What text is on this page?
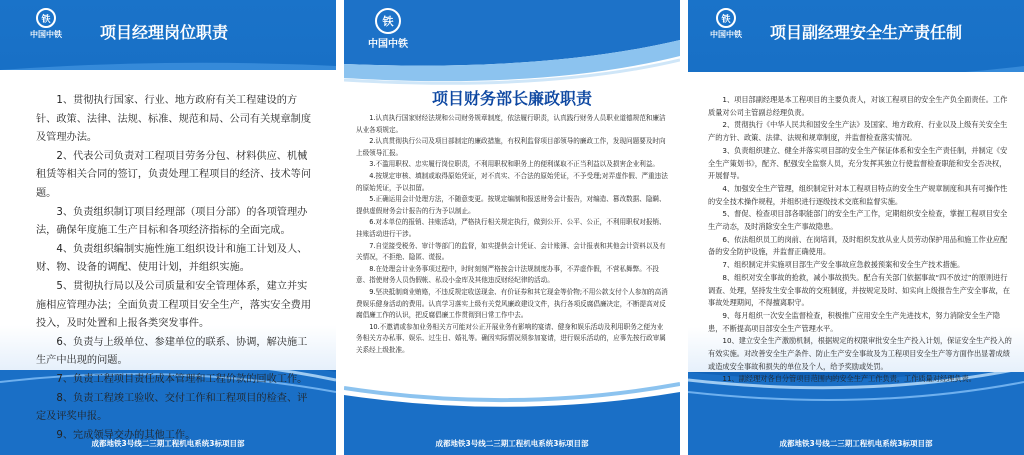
铁
中国中铁 项目经理岗位职责

1、贯彻执行国家、行业、地方政府有关工程建设的方针、政策、法律、法规、标准、规范和局、公司有关规章制度及管理办法。

2、代表公司负责对工程项目劳务分包、材料供应、机械租赁等相关合同的签订，负责处理工程项目的经济、技术等问题。

3、负责组织制订项目经理部（项目分部）的各项管理办法，确保年度施工生产目标和各项经济指标的全面完成。

4、负责组织编制实施性施工组织设计和施工计划及人、财、物、设备的调配、使用计划，并组织实施。

5、贯彻执行局以及公司质量和安全管理体系，建立并实施相应管理办法；全面负责工程项目安全生产，落实安全费用投入，及时处置和上报各类突发事件。

6、负责与上级单位、参建单位的联系、协调，解决施工生产中出现的问题。

7、负责工程项目责任成本管理和工程价款的回收工作。

8、负责工程竣工验收、交付工作和工程项目的检查、评定及评奖申报。

9、完成领导交办的其他工作。

成都地铁3号线二三期工程机电系统3标项目部
铁
中国中铁
项目财务部长廉政职责

1.认真执行国家财经法规和公司财务规章制度，依法履行职责，认真践行财务人员职业道德规范和廉洁从业各项规定。

2.认真贯彻执行公司及项目部制定的廉政措施，有权利监督项目部领导的廉政工作，发现问题要及时向上级领导汇报。

3.不滥用职权、忠实履行岗位职责，不利用职权和职务上的便利谋取不正当利益以及损害企业利益。

4.按规定审核、填制或取得原始凭证，对不真实、不合法的原始凭证，不予受理;对弄虚作假、严重违法的原始凭证，予以扣留。

5.正确运用会计处理方法，不随意变更。按规定编制和报送财务会计报告，对编造、篡改数据、隐瞒、提供虚假财务会计报告的行为予以制止。

6.对本单位的报销、挂账活动，严格执行相关规定执行，做到公开、公平、公正，不利用职权对报销、挂账活动进行干涉。

7.自觉接受税务、审计等部门的监督，如实提供会计凭证、会计账簿、会计报表和其他会计资料以及有关情况，不拒绝、隐匿、谎报。

8.在处理会计业务事项过程中，时时刻刻严格按会计法规制度办事，不弄虚作假，不营私舞弊。不投意、指使财务人员伪假帐、私设小金库及其他违反财经纪律的活动。

9.坚决抵制商业贿赂，不违反规定收送现金、有价证券和其它现金等价物;不用公款支付个人参加的高消费娱乐健身活动的费用。认真学习落实上级有关党风廉政建设文件，执行各项反腐倡廉决定，不断提高对反腐倡廉工作的认识，把反腐倡廉工作贯彻到日常工作中去。

10.不邀请或参加业务相关方可能对公正开展业务有影响的宴请、健身和娱乐活动及利用职务之便为业务相关方办私事、娱乐、过生日、婚礼等。确因实际情况须参加宴请，进行娱乐活动的，应事先按行政审属关系经上级批准。

成都地铁3号线二三期工程机电系统3标项目部
铁
中国中铁 项目副经理安全生产责任制

1、项目部副经理是本工程项目的主要负责人，对该工程项目的安全生产负全面责任。工作质量对公司主管副总经理负责。

2、贯彻执行《中华人民共和国安全生产法》及国家、地方政府、行业以及上级有关安全生产的方针、政策、法律、法规和规章制度，并监督检查落实情况。

3、负责组织建立、健全并落实项目部的安全生产保证体系和安全生产责任制，并制定《安全生产策划书》，配齐、配强安全监察人员，充分发挥其独立行使监督检查职能和安全否决权，开展督导。

4、加强安全生产管理，组织制定针对本工程项目特点的安全生产规章制度和具有可操作性的安全技术操作规程，并组织进行逐级技术交底和监督实施。

5、督促、检查项目部各职能部门的安全生产工作，定期组织安全检查，掌握工程项目安全生产动态，及时消除安全生产事故隐患。

6、依法组织员工的岗前、在岗培训，及时组织发放从业人员劳动保护用品和施工作业应配备的安全防护设施，并监督正确使用。

7、组织制定并实施项目部生产安全事故应急救援预案和安全生产技术措施。

8、组织对安全事故的抢救，减小事故损失。配合有关部门依据事故“四不放过”的原则进行调查、处理，坚持发生安全事故的交班制度，并按规定及时、如实向上级报告生产安全事故，在事故处理期间，不得擅离职守。

9、每月组织一次安全监督检查，积极推广应用安全生产先进技术，努力消除安全生产隐患，不断提高项目部安全生产管理水平。

10、建立安全生产激励机制，根据规定的权限审批安全生产投入计划，保证安全生产投入的有效实施。对改善安全生产条件、防止生产安全事故及为工程项目安全生产等方面作出显著成绩或造成安全事故和损失的单位及个人，给予奖励或处罚。

11、副经理对各自分管项目范围内的安全生产工作负责，工作质量对经理负责。

成都地铁3号线二三期工程机电系统3标项目部
